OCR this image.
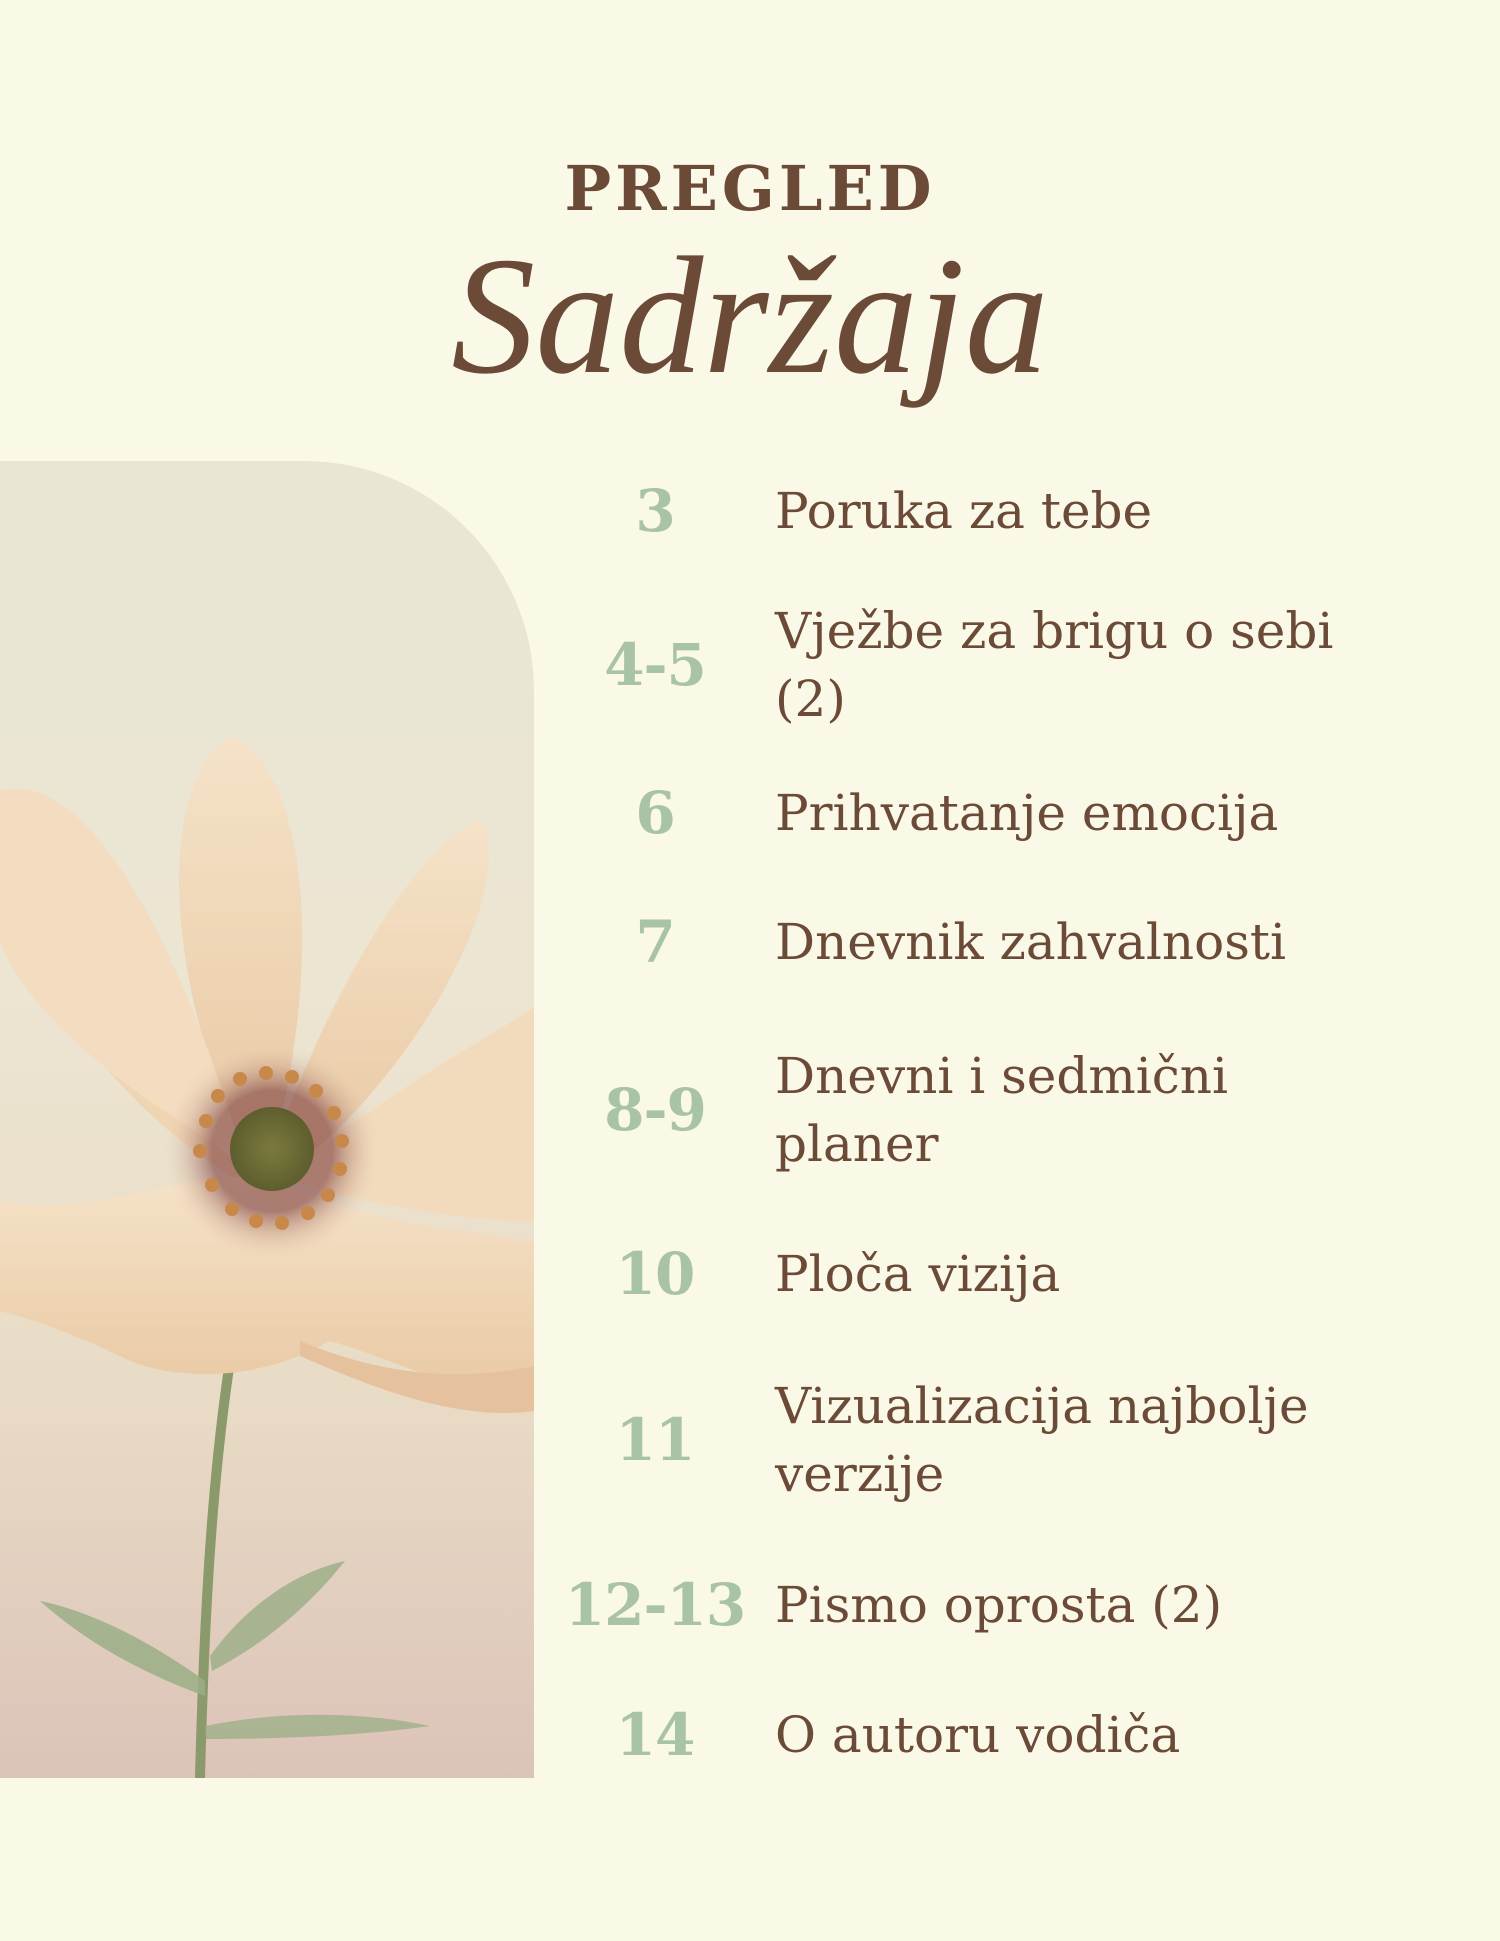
PREGLED
Sadržaja
3	Poruka za tebe
4-5	Vježbe za brigu o sebi (2)
6	Prihvatanje emocija
7	Dnevnik zahvalnosti
8-9	Dnevni i sedmični planer
10	Ploča vizija
11	Vizualizacija najbolje verzije
12-13 Pismo oprosta (2)
14	O autoru vodiča
